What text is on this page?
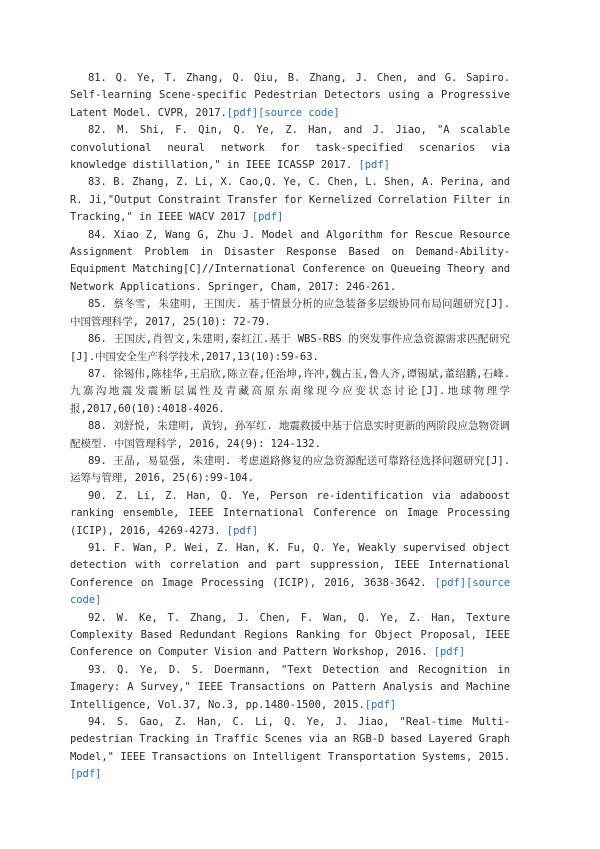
81. Q. Ye, T. Zhang, Q. Qiu, B. Zhang, J. Chen, and G. Sapiro. Self-learning Scene-specific Pedestrian Detectors using a Progressive Latent Model. CVPR, 2017.[pdf][source code]

82. M. Shi, F. Qin, Q. Ye, Z. Han, and J. Jiao, "A scalable convolutional neural network for task-specified scenarios via knowledge distillation," in IEEE ICASSP 2017. [pdf]

83. B. Zhang, Z. Li, X. Cao,Q. Ye, C. Chen, L. Shen, A. Perina, and R. Ji,"Output Constraint Transfer for Kernelized Correlation Filter in Tracking," in IEEE WACV 2017 [pdf]

84. Xiao Z, Wang G, Zhu J. Model and Algorithm for Rescue Resource Assignment Problem in Disaster Response Based on Demand-Ability-Equipment Matching[C]//International Conference on Queueing Theory and Network Applications. Springer, Cham, 2017: 246-261.

85. 蔡冬雪, 朱建明, 王国庆. 基于情景分析的应急装备多层级协同布局问题研究[J]. 中国管理科学, 2017, 25(10): 72-79.

86. 王国庆,肖智文,朱建明,秦红江.基于 WBS-RBS 的突发事件应急资源需求匹配研究[J].中国安全生产科学技术,2017,13(10):59-63.

87. 徐锡伟,陈桂华,王启欣,陈立春,任治坤,许冲,魏占玉,鲁人齐,谭锡斌,董绍鹏,石峰.九寨沟地震发震断层属性及青藏高原东南缘现今应变状态讨论[J].地球物理学报,2017,60(10):4018-4026.

88. 刘舒悦, 朱建明, 黄钧, 孙军红. 地震救援中基于信息实时更新的两阶段应急物资调配模型. 中国管理科学, 2016, 24(9): 124-132.

89. 王晶, 易显强, 朱建明. 考虑道路修复的应急资源配送可靠路径选择问题研究[J]. 运筹与管理, 2016, 25(6):99-104.

90. Z. Li, Z. Han, Q. Ye, Person re-identification via adaboost ranking ensemble, IEEE International Conference on Image Processing (ICIP), 2016, 4269-4273. [pdf]

91. F. Wan, P. Wei, Z. Han, K. Fu, Q. Ye, Weakly supervised object detection with correlation and part suppression, IEEE International Conference on Image Processing (ICIP), 2016, 3638-3642. [pdf][source code]

92. W. Ke, T. Zhang, J. Chen, F. Wan, Q. Ye, Z. Han, Texture Complexity Based Redundant Regions Ranking for Object Proposal, IEEE Conference on Computer Vision and Pattern Workshop, 2016. [pdf]

93. Q. Ye, D. S. Doermann, "Text Detection and Recognition in Imagery: A Survey," IEEE Transactions on Pattern Analysis and Machine Intelligence, Vol.37, No.3, pp.1480-1500, 2015.[pdf]

94. S. Gao, Z. Han, C. Li, Q. Ye, J. Jiao, "Real-time Multi-pedestrian Tracking in Traffic Scenes via an RGB-D based Layered Graph Model," IEEE Transactions on Intelligent Transportation Systems, 2015.[pdf]
